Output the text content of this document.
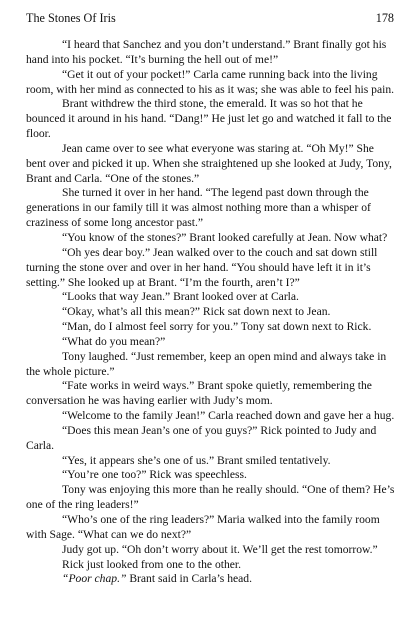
The Stones Of Iris	178

“I heard that Sanchez and you don’t understand.” Brant finally got his hand into his pocket. “It’s burning the hell out of me!”

“Get it out of your pocket!” Carla came running back into the living room, with her mind as connected to his as it was; she was able to feel his pain.

Brant withdrew the third stone, the emerald. It was so hot that he bounced it around in his hand. “Dang!” He just let go and watched it fall to the floor.

Jean came over to see what everyone was staring at. “Oh My!” She bent over and picked it up. When she straightened up she looked at Judy, Tony, Brant and Carla. “One of the stones.”

She turned it over in her hand. “The legend past down through the generations in our family till it was almost nothing more than a whisper of craziness of some long ancestor past.”

“You know of the stones?” Brant looked carefully at Jean. Now what?

“Oh yes dear boy.” Jean walked over to the couch and sat down still turning the stone over and over in her hand. “You should have left it in it’s setting.” She looked up at Brant. “I’m the fourth, aren’t I?”

“Looks that way Jean.” Brant looked over at Carla.

“Okay, what’s all this mean?” Rick sat down next to Jean.

“Man, do I almost feel sorry for you.” Tony sat down next to Rick.

“What do you mean?”

Tony laughed. “Just remember, keep an open mind and always take in the whole picture.”

“Fate works in weird ways.” Brant spoke quietly, remembering the conversation he was having earlier with Judy’s mom.

“Welcome to the family Jean!” Carla reached down and gave her a hug.

“Does this mean Jean’s one of you guys?” Rick pointed to Judy and Carla.

“Yes, it appears she’s one of us.” Brant smiled tentatively.

“You’re one too?” Rick was speechless.

Tony was enjoying this more than he really should. “One of them? He’s one of the ring leaders!”

“Who’s one of the ring leaders?” Maria walked into the family room with Sage. “What can we do next?”

Judy got up. “Oh don’t worry about it. We’ll get the rest tomorrow.”

Rick just looked from one to the other.

“Poor chap.” Brant said in Carla’s head.
